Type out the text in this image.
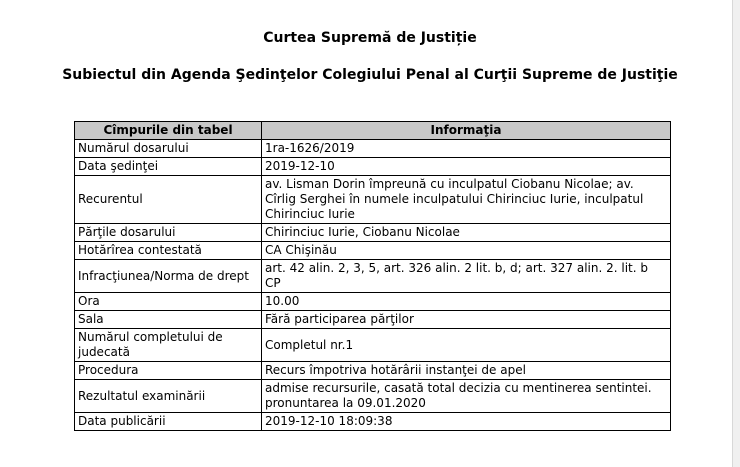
Curtea Supremă de Justiție
Subiectul din Agenda Şedinţelor Colegiului Penal al Curţii Supreme de Justiţie
Cîmpurile din tabel	Informaţia
Numărul dosarului	1ra-1626/2019
Data şedinţei	2019-12-10
Recurentul	av. Lisman Dorin împreună cu inculpatul Ciobanu Nicolae; av. Cîrlig Serghei în numele inculpatului Chirinciuc Iurie, inculpatul Chirinciuc Iurie
Părţile dosarului	Chirinciuc Iurie, Ciobanu Nicolae
Hotărîrea contestată	CA Chişinău
Infracţiunea/Norma de drept	art. 42 alin. 2, 3, 5, art. 326 alin. 2 lit. b, d; art. 327 alin. 2. lit. b CP
Ora	10.00
Sala	Fără participarea părţilor
Numărul completului de judecată	Completul nr.1
Procedura	Recurs împotriva hotărârii instanţei de apel
Rezultatul examinării	admise recursurile, casată total decizia cu mentinerea sentintei. pronuntarea la 09.01.2020
Data publicării	2019-12-10 18:09:38
